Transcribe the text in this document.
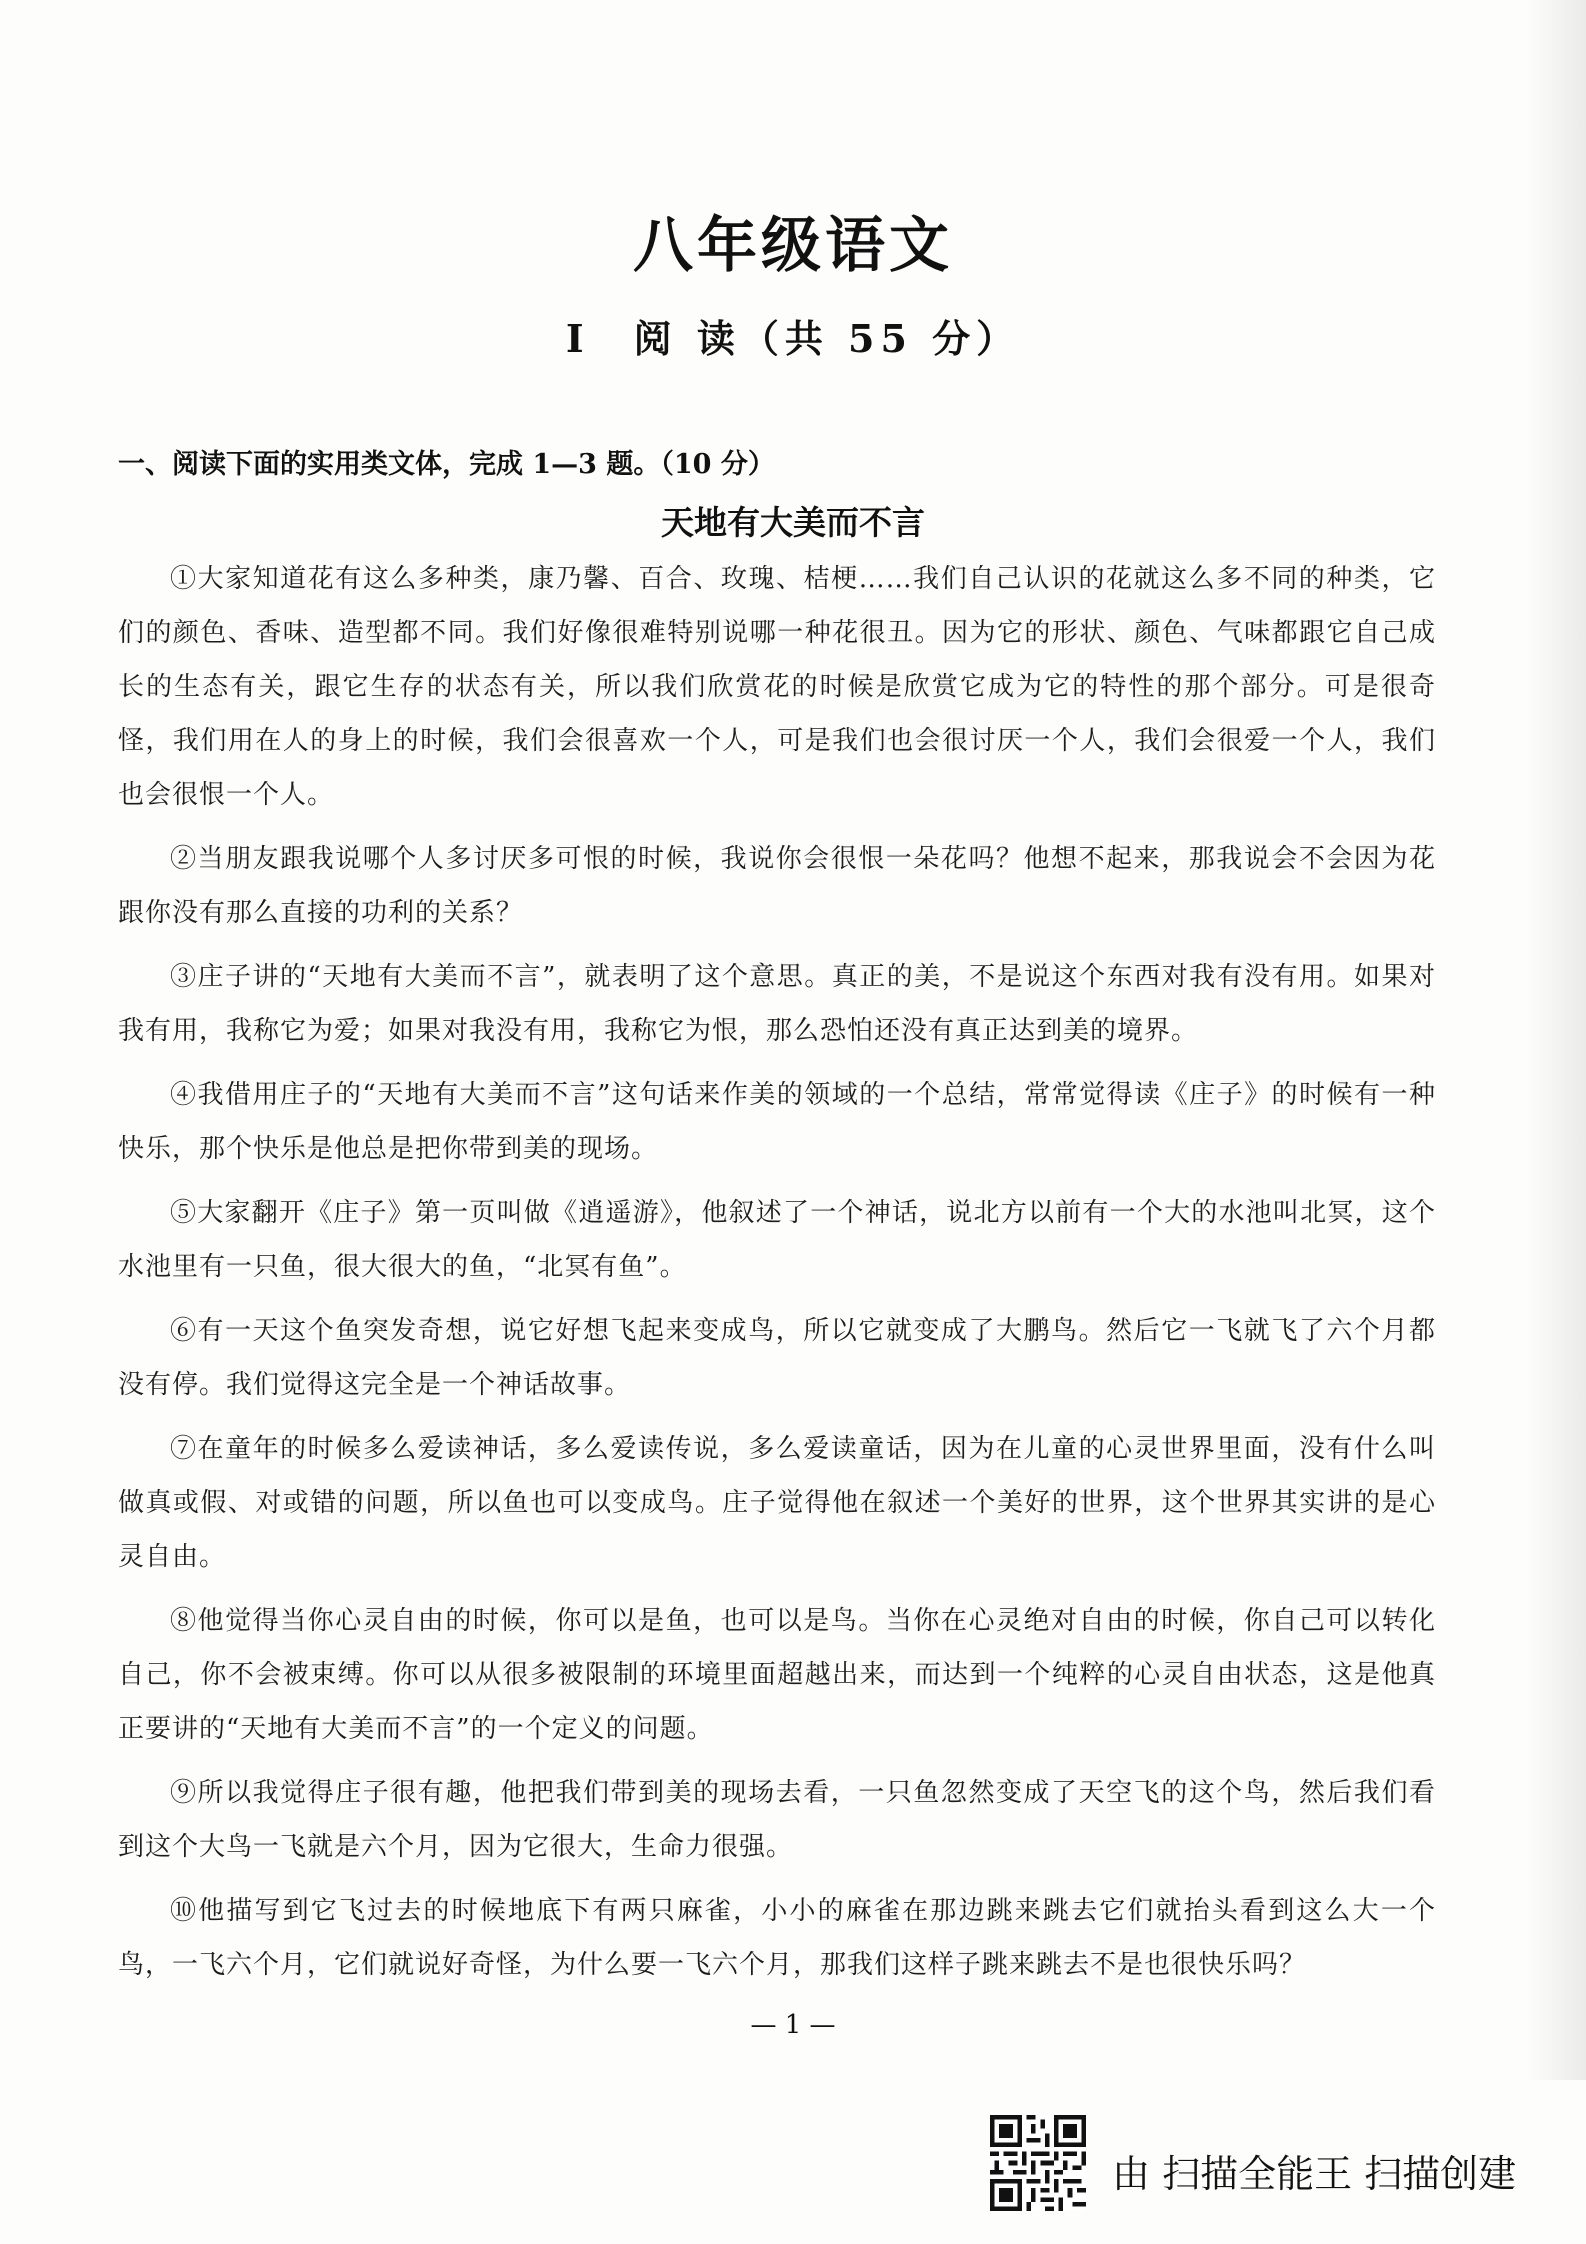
八年级语文
Ⅰ　阅 读（共 55 分）
一、阅读下面的实用类文体，完成 1—3 题。（10 分）
天地有大美而不言

①大家知道花有这么多种类，康乃馨、百合、玫瑰、桔梗……我们自己认识的花就这么多不同的种类，它们的颜色、香味、造型都不同。我们好像很难特别说哪一种花很丑。因为它的形状、颜色、气味都跟它自己成长的生态有关，跟它生存的状态有关，所以我们欣赏花的时候是欣赏它成为它的特性的那个部分。可是很奇怪，我们用在人的身上的时候，我们会很喜欢一个人，可是我们也会很讨厌一个人，我们会很爱一个人，我们也会很恨一个人。

②当朋友跟我说哪个人多讨厌多可恨的时候，我说你会很恨一朵花吗？他想不起来，那我说会不会因为花跟你没有那么直接的功利的关系？

③庄子讲的“天地有大美而不言”，就表明了这个意思。真正的美，不是说这个东西对我有没有用。如果对我有用，我称它为爱；如果对我没有用，我称它为恨，那么恐怕还没有真正达到美的境界。

④我借用庄子的“天地有大美而不言”这句话来作美的领域的一个总结，常常觉得读《庄子》的时候有一种快乐，那个快乐是他总是把你带到美的现场。

⑤大家翻开《庄子》第一页叫做《逍遥游》，他叙述了一个神话，说北方以前有一个大的水池叫北冥，这个水池里有一只鱼，很大很大的鱼，“北冥有鱼”。

⑥有一天这个鱼突发奇想，说它好想飞起来变成鸟，所以它就变成了大鹏鸟。然后它一飞就飞了六个月都没有停。我们觉得这完全是一个神话故事。

⑦在童年的时候多么爱读神话，多么爱读传说，多么爱读童话，因为在儿童的心灵世界里面，没有什么叫做真或假、对或错的问题，所以鱼也可以变成鸟。庄子觉得他在叙述一个美好的世界，这个世界其实讲的是心灵自由。

⑧他觉得当你心灵自由的时候，你可以是鱼，也可以是鸟。当你在心灵绝对自由的时候，你自己可以转化自己，你不会被束缚。你可以从很多被限制的环境里面超越出来，而达到一个纯粹的心灵自由状态，这是他真正要讲的“天地有大美而不言”的一个定义的问题。

⑨所以我觉得庄子很有趣，他把我们带到美的现场去看，一只鱼忽然变成了天空飞的这个鸟，然后我们看到这个大鸟一飞就是六个月，因为它很大，生命力很强。

⑩他描写到它飞过去的时候地底下有两只麻雀，小小的麻雀在那边跳来跳去它们就抬头看到这么大一个鸟，一飞六个月，它们就说好奇怪，为什么要一飞六个月，那我们这样子跳来跳去不是也很快乐吗？

— 1 —
由 扫描全能王 扫描创建
